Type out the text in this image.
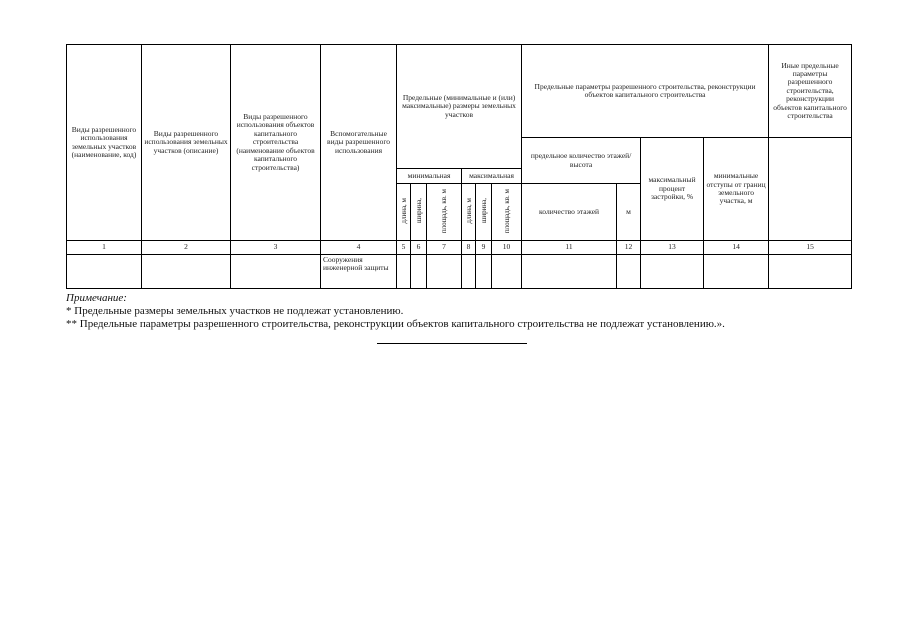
Виды разрешенного использования земельных участков (наименование, код)	Виды разрешенного использования земельных участков (описание)	Виды разрешенного использования объектов капитального строительства (наименование объектов капитального строительства)	Вспомогательные виды разрешенного использования	Предельные (минимальные и (или) максимальные) размеры земельных участков						Предельные параметры разрешенного строительства, реконструкции объектов капитального строительства				Иные предельные параметры разрешенного строительства, реконструкции объектов капитального строительства
										предельное количество этажей/высота		максимальный процент застройки, %	минимальные отступы от границ земельного участка, м	
				минимальная			максимальная							
				длина, м	ширина,	площадь, кв. м	длина, м	ширина,	площадь, кв. м	количество этажей	м			
1	2	3	4	5	6	7	8	9	10	11	12	13	14	15
			Сооружения инженерной защиты											
Примечание:
* Предельные размеры земельных участков не подлежат установлению.
** Предельные параметры разрешенного строительства, реконструкции объектов капитального строительства не подлежат установлению.».
